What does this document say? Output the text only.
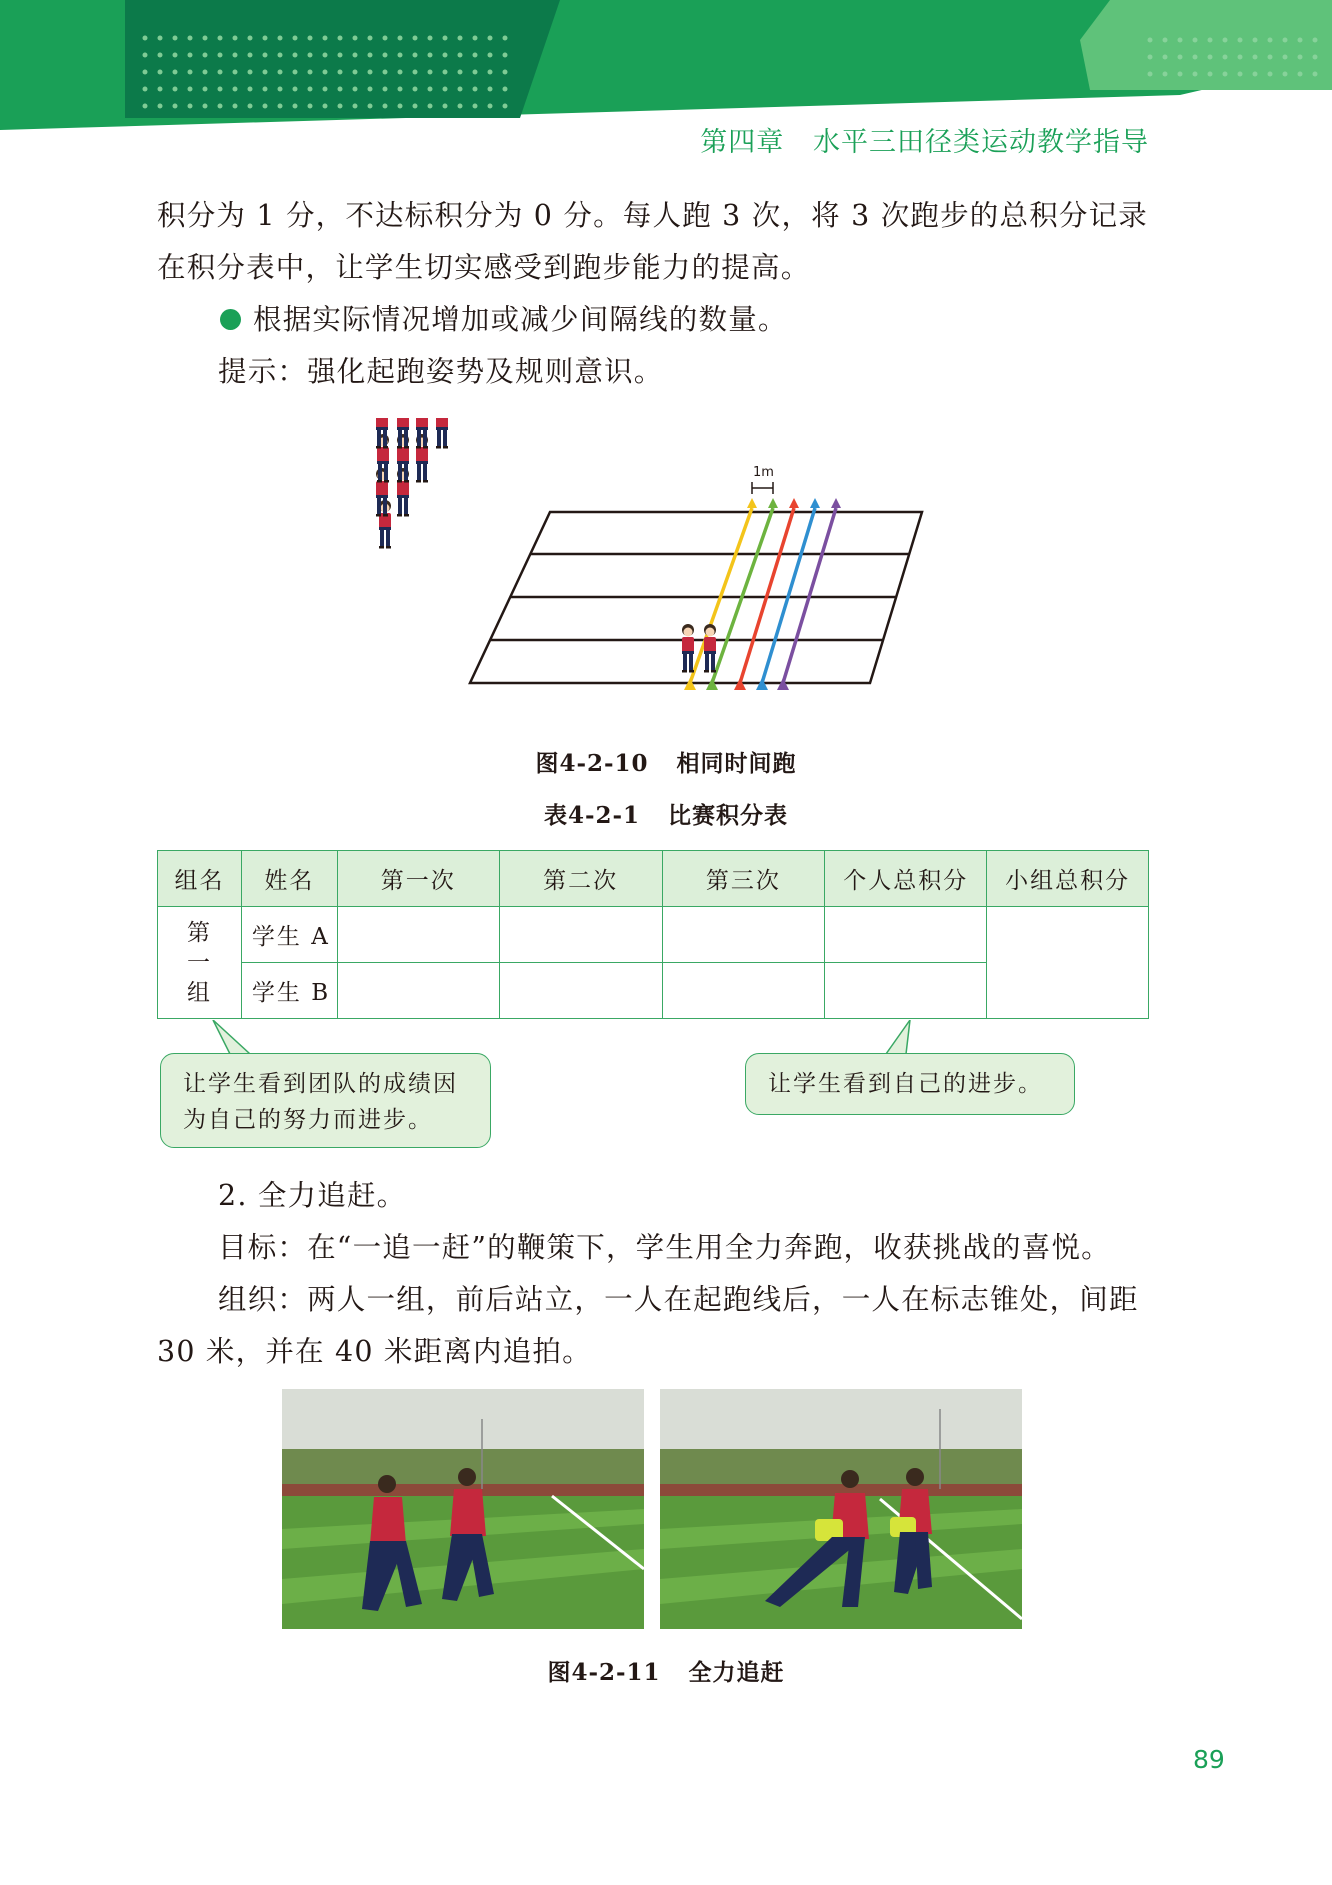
第四章 水平三田径类运动教学指导

积分为 1 分，不达标积分为 0 分。每人跑 3 次，将 3 次跑步的总积分记录在积分表中，让学生切实感受到跑步能力的提高。

根据实际情况增加或减少间隔线的数量。

提示：强化起跑姿势及规则意识。

1m
图4-2-10 相同时间跑
表4-2-1 比赛积分表
组名	姓名	第一次	第二次	第三次	个人总积分	小组总积分

第
一
组	学生 A					
	学生 B					
让学生看到团队的成绩因为自己的努力而进步。
让学生看到自己的进步。

2. 全力追赶。

目标：在“一追一赶”的鞭策下，学生用全力奔跑，收获挑战的喜悦。

组织：两人一组，前后站立，一人在起跑线后，一人在标志锥处，间距 30 米，并在 40 米距离内追拍。

图4-2-11 全力追赶
89
